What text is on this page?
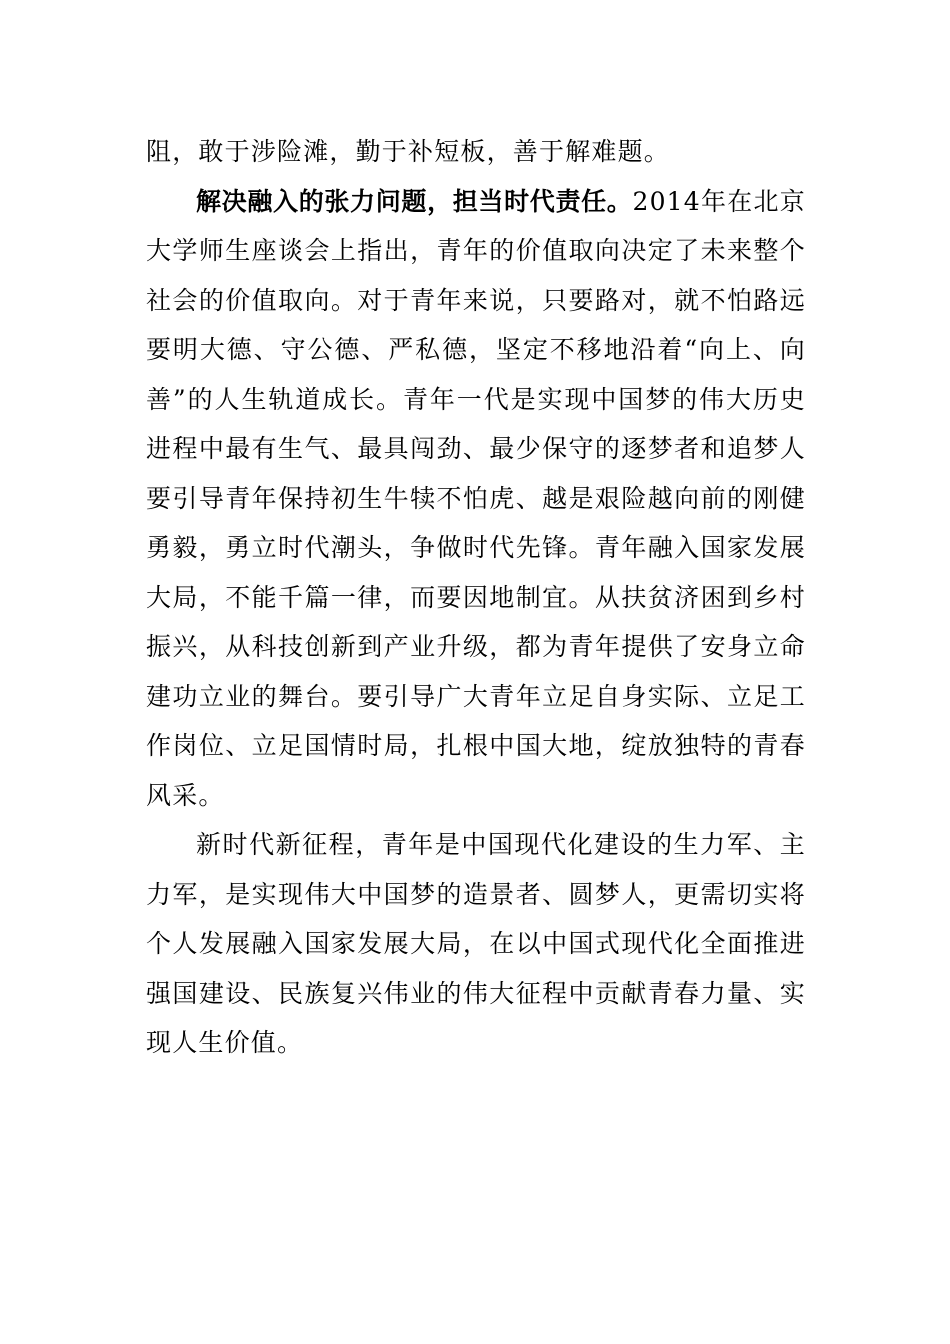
阻，敢于涉险滩，勤于补短板，善于解难题。

解决融入的张力问题，担当时代责任。2014年在北京大学师生座谈会上指出，青年的价值取向决定了未来整个社会的价值取向。对于青年来说，只要路对，就不怕路远要明大德、守公德、严私德，坚定不移地沿着“向上、向善”的人生轨道成长。青年一代是实现中国梦的伟大历史进程中最有生气、最具闯劲、最少保守的逐梦者和追梦人要引导青年保持初生牛犊不怕虎、越是艰险越向前的刚健勇毅，勇立时代潮头，争做时代先锋。青年融入国家发展大局，不能千篇一律，而要因地制宜。从扶贫济困到乡村振兴，从科技创新到产业升级，都为青年提供了安身立命建功立业的舞台。要引导广大青年立足自身实际、立足工作岗位、立足国情时局，扎根中国大地，绽放独特的青春风采。

新时代新征程，青年是中国现代化建设的生力军、主力军，是实现伟大中国梦的造景者、圆梦人，更需切实将个人发展融入国家发展大局，在以中国式现代化全面推进强国建设、民族复兴伟业的伟大征程中贡献青春力量、实现人生价值。
